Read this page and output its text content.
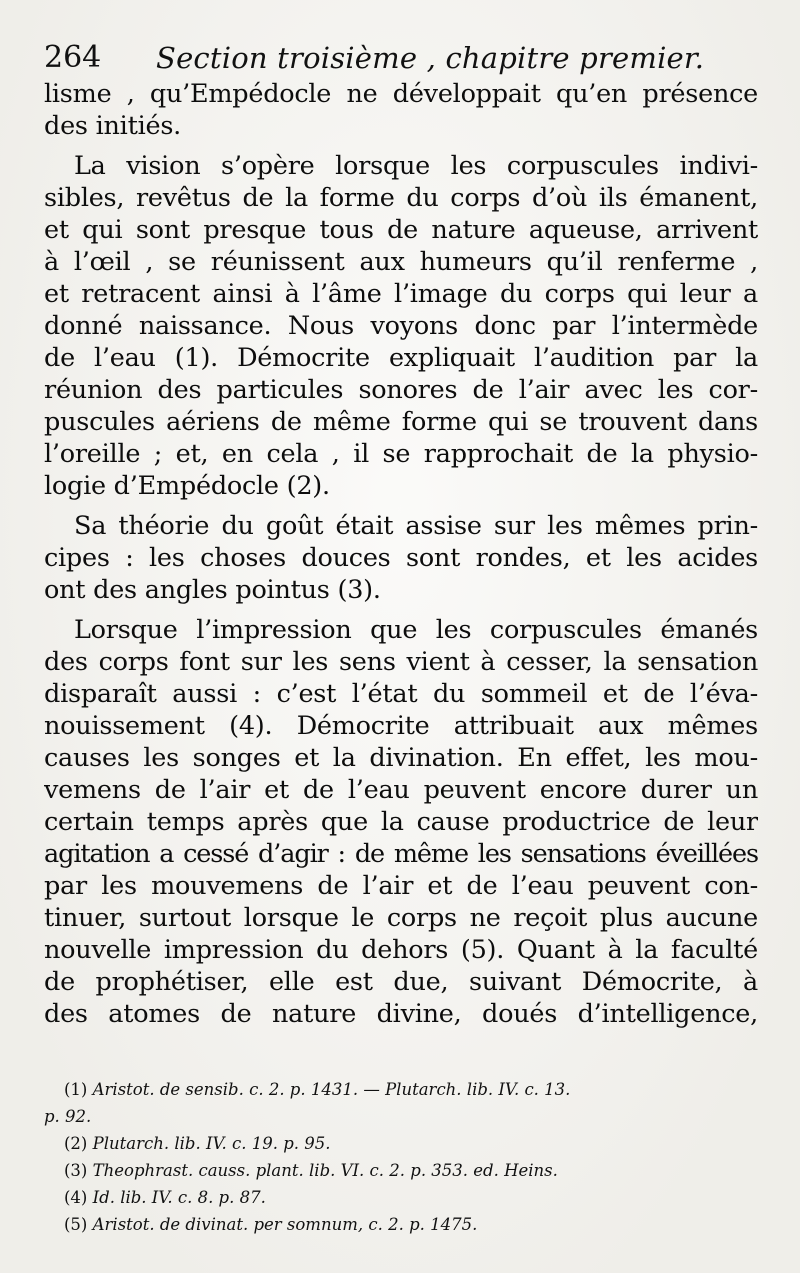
264 Section troisième , chapitre premier.
lisme , qu’Empédocle ne développait qu’en présence
des initiés.
La vision s’opère lorsque les corpuscules indivi-
sibles, revêtus de la forme du corps d’où ils émanent,
et qui sont presque tous de nature aqueuse, arrivent
à l’œil , se réunissent aux humeurs qu’il renferme ,
et retracent ainsi à l’âme l’image du corps qui leur a
donné naissance. Nous voyons donc par l’intermède
de l’eau (1). Démocrite expliquait l’audition par la
réunion des particules sonores de l’air avec les cor-
puscules aériens de même forme qui se trouvent dans
l’oreille ; et, en cela , il se rapprochait de la physio-
logie d’Empédocle (2).
Sa théorie du goût était assise sur les mêmes prin-
cipes : les choses douces sont rondes, et les acides
ont des angles pointus (3).
Lorsque l’impression que les corpuscules émanés
des corps font sur les sens vient à cesser, la sensation
disparaît aussi : c’est l’état du sommeil et de l’éva-
nouissement (4). Démocrite attribuait aux mêmes
causes les songes et la divination. En effet, les mou-
vemens de l’air et de l’eau peuvent encore durer un
certain temps après que la cause productrice de leur
agitation a cessé d’agir : de même les sensations éveillées
par les mouvemens de l’air et de l’eau peuvent con-
tinuer, surtout lorsque le corps ne reçoit plus aucune
nouvelle impression du dehors (5). Quant à la faculté
de prophétiser, elle est due, suivant Démocrite, à
des atomes de nature divine, doués d’intelligence,
(1) Aristot. de sensib. c. 2. p. 1431. — Plutarch. lib. IV. c. 13.
p. 92.
(2) Plutarch. lib. IV. c. 19. p. 95.
(3) Theophrast. causs. plant. lib. VI. c. 2. p. 353. ed. Heins.
(4) Id. lib. IV. c. 8. p. 87.
(5) Aristot. de divinat. per somnum, c. 2. p. 1475.
